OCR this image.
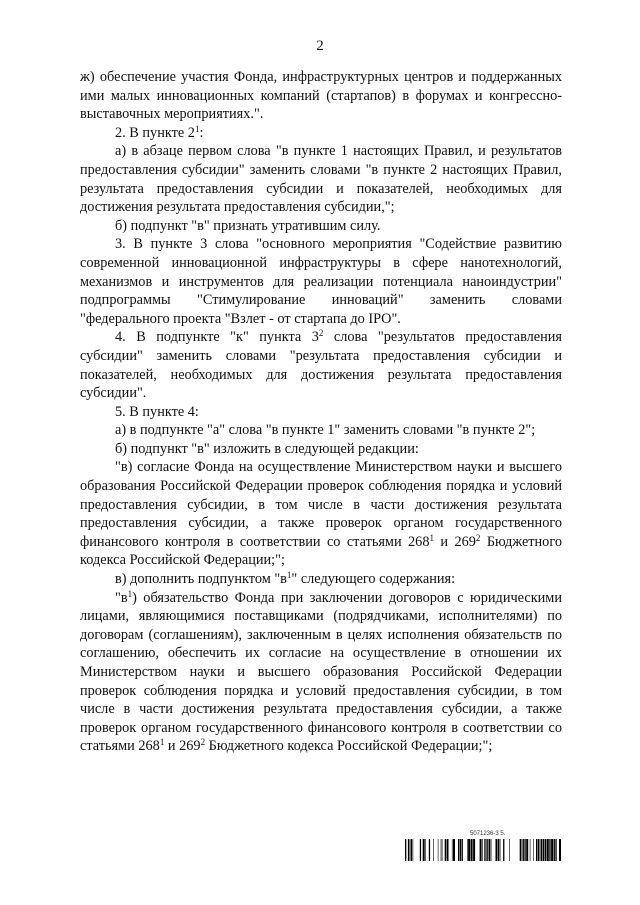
2

ж) обеспечение участия Фонда, инфраструктурных центров и поддержанных ими малых инновационных компаний (стартапов) в форумах и конгрессно-выставочных мероприятиях.".

2. В пункте $2^1$:

а) в абзаце первом слова "в пункте 1 настоящих Правил, и результатов предоставления субсидии" заменить словами "в пункте 2 настоящих Правил, результата предоставления субсидии и показателей, необходимых для достижения результата предоставления субсидии,";

б) подпункт "в" признать утратившим силу.

3. В пункте 3 слова "основного мероприятия "Содействие развитию современной инновационной инфраструктуры в сфере нанотехнологий, механизмов и инструментов для реализации потенциала наноиндустрии" подпрограммы "Стимулирование инноваций" заменить словами "федерального проекта "Взлет - от стартапа до IPO".

4. В подпункте "к" пункта $3^2$ слова "результатов предоставления субсидии" заменить словами "результата предоставления субсидии и показателей, необходимых для достижения результата предоставления субсидии".

5. В пункте 4:

а) в подпункте "а" слова "в пункте 1" заменить словами "в пункте 2";

б) подпункт "в" изложить в следующей редакции:

"в) согласие Фонда на осуществление Министерством науки и высшего образования Российской Федерации проверок соблюдения порядка и условий предоставления субсидии, в том числе в части достижения результата предоставления субсидии, а также проверок органом государственного финансового контроля в соответствии со статьями $268^1$ и $269^2$ Бюджетного кодекса Российской Федерации;";

в) дополнить подпунктом "$в^1$" следующего содержания:

"$в^1$) обязательство Фонда при заключении договоров с юридическими лицами, являющимися поставщиками (подрядчиками, исполнителями) по договорам (соглашениям), заключенным в целях исполнения обязательств по соглашению, обеспечить их согласие на осуществление в отношении их Министерством науки и высшего образования Российской Федерации проверок соблюдения порядка и условий предоставления субсидии, в том числе в части достижения результата предоставления субсидии, а также проверок органом государственного финансового контроля в соответствии со статьями $268^1$ и $269^2$ Бюджетного кодекса Российской Федерации;";

5071236-3 5.
